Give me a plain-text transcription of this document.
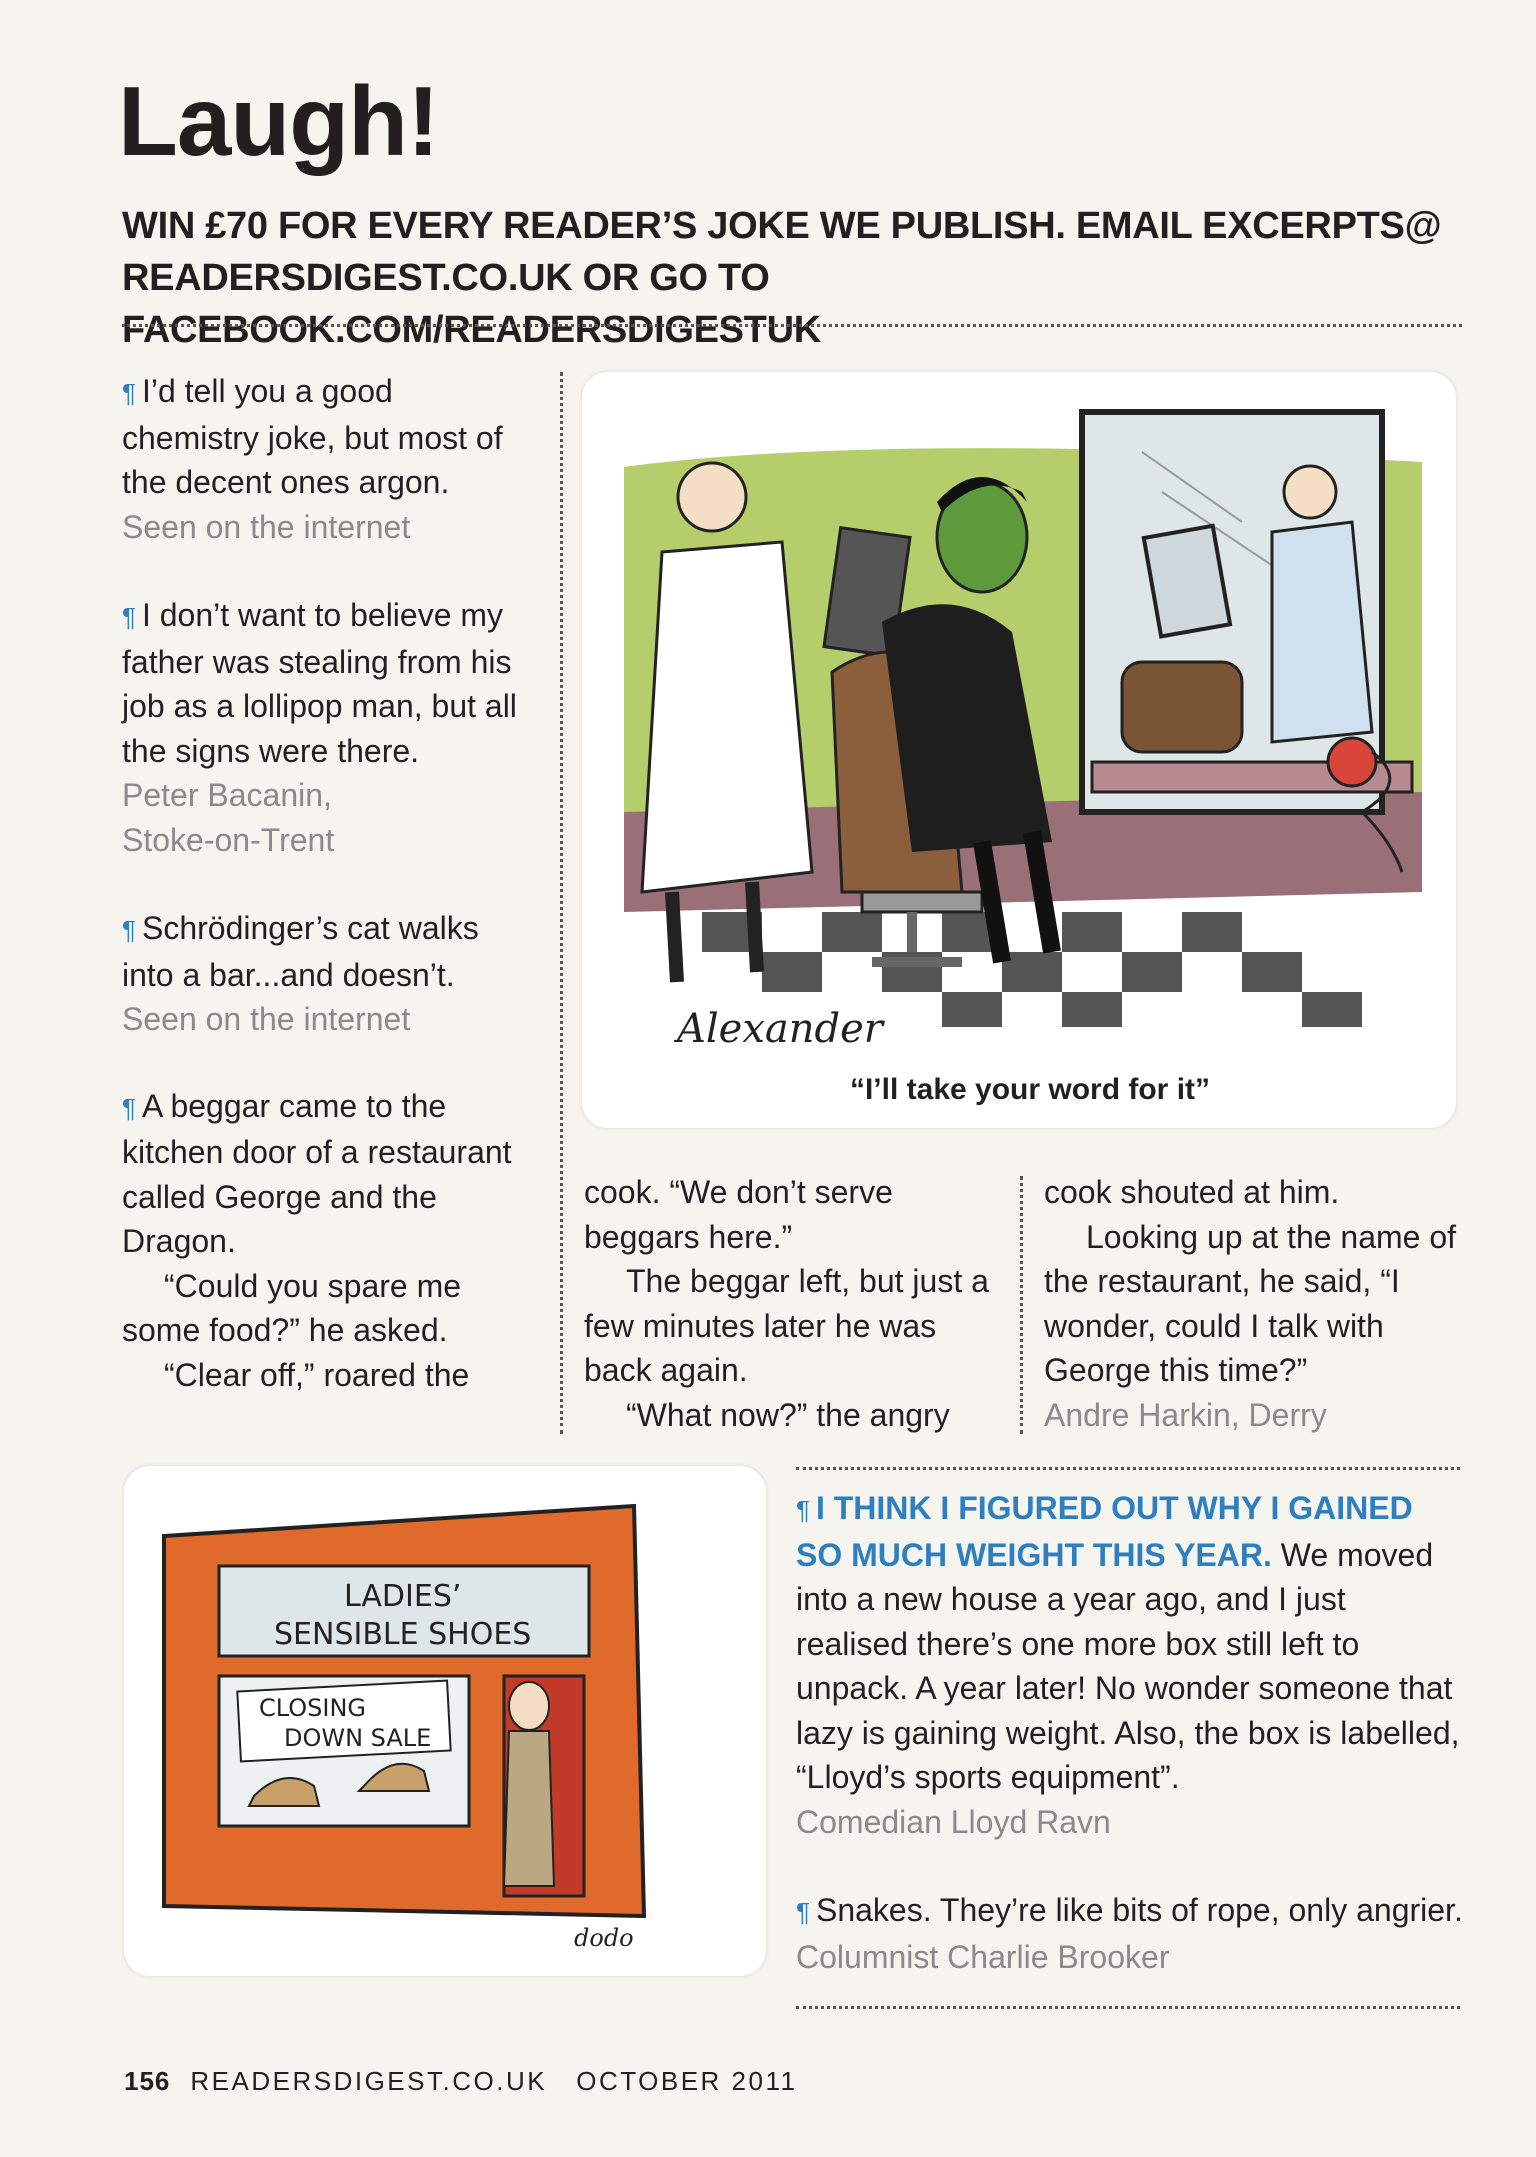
Laugh!
WIN £70 FOR EVERY READER’S JOKE WE PUBLISH. EMAIL EXCERPTS@
READERSDIGEST.CO.UK OR GO TO FACEBOOK.COM/READERSDIGESTUK

¶ I’d tell you a good chemistry joke, but most of the decent ones argon.
Seen on the internet

¶ I don’t want to believe my father was stealing from his job as a lollipop man, but all the signs were there.
Peter Bacanin,
Stoke-on-Trent

¶ Schrödinger’s cat walks into a bar...and doesn’t.
Seen on the internet

¶ A beggar came to the kitchen door of a restaurant called George and the Dragon.
“Could you spare me some food?” he asked.
“Clear off,” roared the

Alexander
“I’ll take your word for it”
cook. “We don’t serve beggars here.”
The beggar left, but just a few minutes later he was back again.
“What now?” the angry
cook shouted at him.
Looking up at the name of the restaurant, he said, “I wonder, could I talk with George this time?”
Andre Harkin, Derry
LADIES’
SENSIBLE SHOES
CLOSING
DOWN SALE
dodo

¶ I THINK I FIGURED OUT WHY I GAINED SO MUCH WEIGHT THIS YEAR. We moved into a new house a year ago, and I just realised there’s one more box still left to unpack. A year later! No wonder someone that lazy is gaining weight. Also, the box is labelled, “Lloyd’s sports equipment”.
Comedian Lloyd Ravn

¶ Snakes. They’re like bits of rope, only angrier. Columnist Charlie Brooker

156 READERSDIGEST.CO.UK OCTOBER 2011
